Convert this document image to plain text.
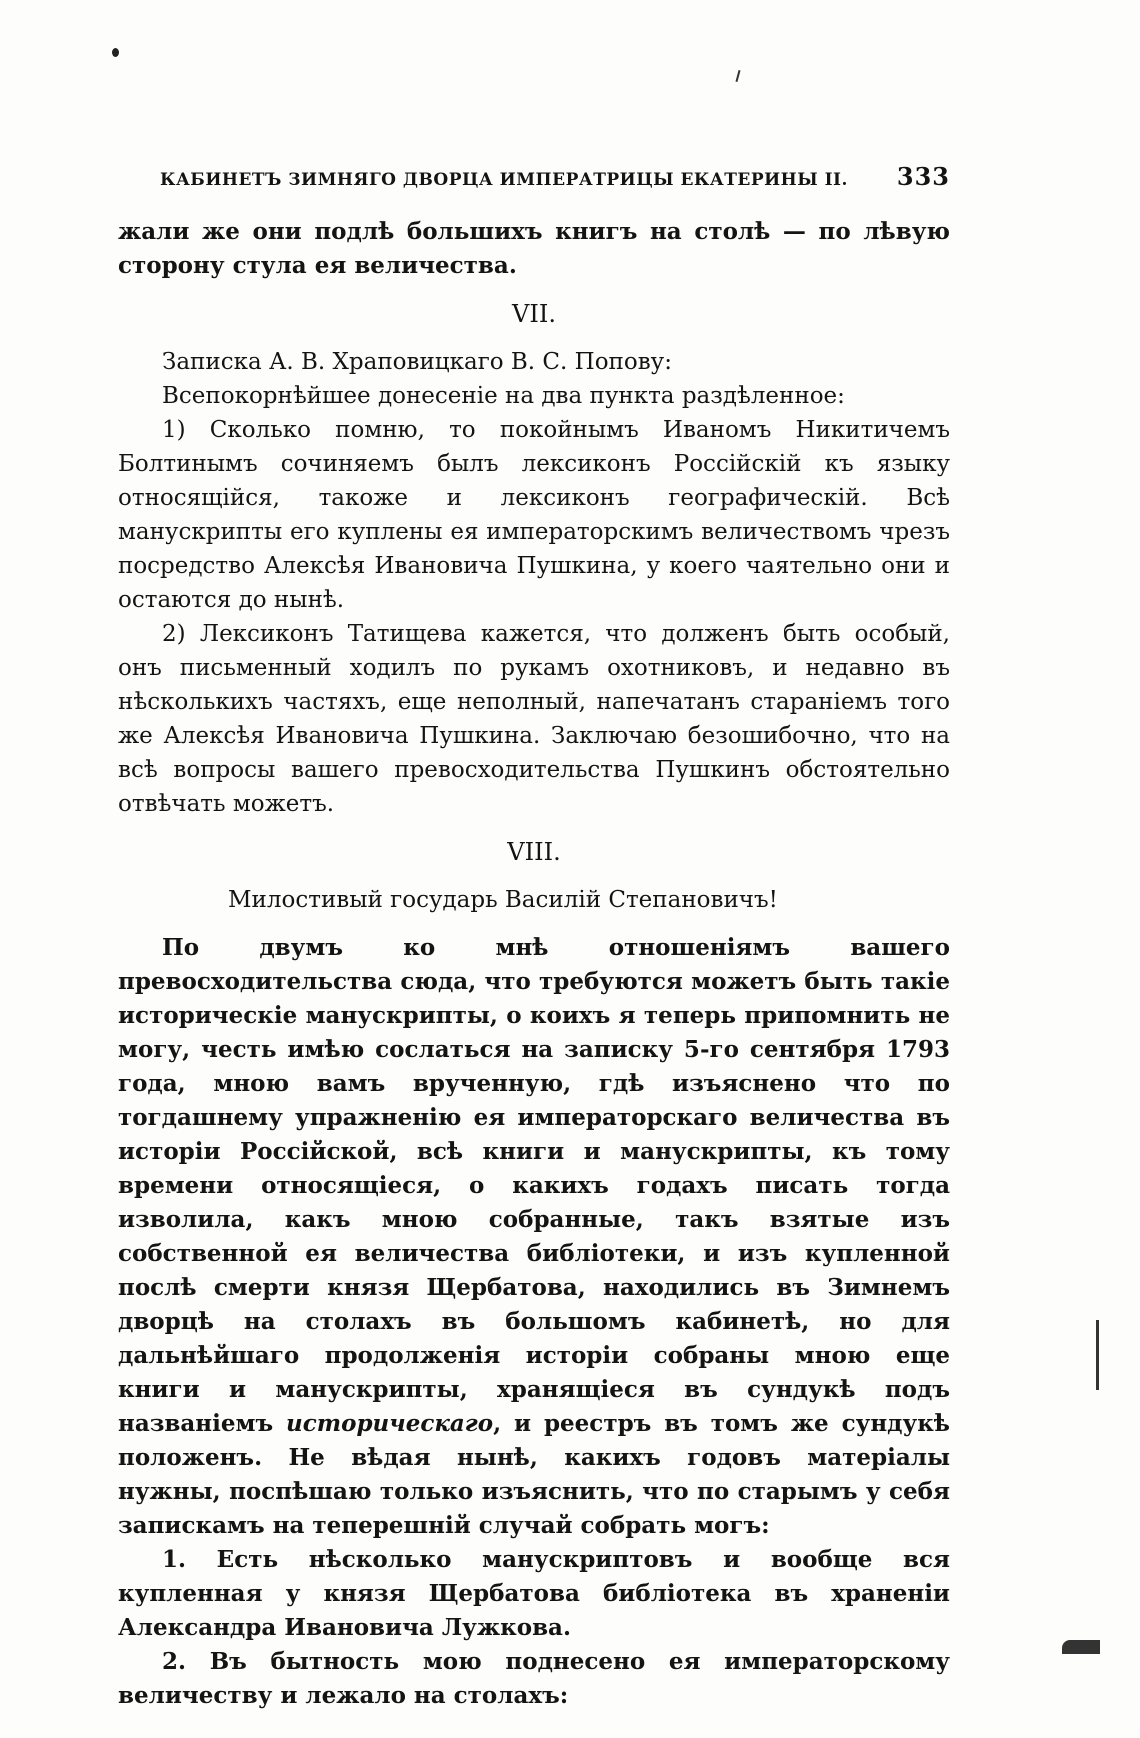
КАБИНЕТЪ ЗИМНЯГО ДВОРЦА ИМПЕРАТРИЦЫ ЕКАТЕРИНЫ II. 333

жали же они подлѣ большихъ книгъ на столѣ — по лѣвую сторону стула ея величества.

VII.

Записка А. В. Храповицкаго В. С. Попову:

Всепокорнѣйшее донесеніе на два пункта раздѣленное:

1) Сколько помню, то покойнымъ Иваномъ Никитичемъ Болтинымъ сочиняемъ былъ лексиконъ Россійскій къ языку относящійся, такоже и лексиконъ географическій. Всѣ манускрипты его куплены ея императорскимъ величествомъ чрезъ посредство Алексѣя Ивановича Пушкина, у коего чаятельно они и остаются до нынѣ.

2) Лексиконъ Татищева кажется, что долженъ быть особый, онъ письменный ходилъ по рукамъ охотниковъ, и недавно въ нѣсколькихъ частяхъ, еще неполный, напечатанъ стараніемъ того же Алексѣя Ивановича Пушкина. Заключаю безошибочно, что на всѣ вопросы вашего превосходительства Пушкинъ обстоятельно отвѣчать можетъ.

VIII.

Милостивый государь Василій Степановичъ!

По двумъ ко мнѣ отношеніямъ вашего превосходительства сюда, что требуются можетъ быть такіе историческіе манускрипты, о коихъ я теперь припомнить не могу, честь имѣю сослаться на записку 5-го сентября 1793 года, мною вамъ врученную, гдѣ изъяснено что по тогдашнему упражненію ея императорскаго величества въ исторіи Россійской, всѣ книги и манускрипты, къ тому времени относящіеся, о какихъ годахъ писать тогда изволила, какъ мною собранные, такъ взятые изъ собственной ея величества библіотеки, и изъ купленной послѣ смерти князя Щербатова, находились въ Зимнемъ дворцѣ на столахъ въ большомъ кабинетѣ, но для дальнѣйшаго продолженія исторіи собраны мною еще книги и манускрипты, хранящіеся въ сундукѣ подъ названіемъ историческаго, и реестръ въ томъ же сундукѣ положенъ. Не вѣдая нынѣ, какихъ годовъ матеріалы нужны, поспѣшаю только изъяснить, что по старымъ у себя запискамъ на теперешній случай собрать могъ:

1. Есть нѣсколько манускриптовъ и вообще вся купленная у князя Щербатова библіотека въ храненіи Александра Ивановича Лужкова.

2. Въ бытность мою поднесено ея императорскому величеству и лежало на столахъ:
